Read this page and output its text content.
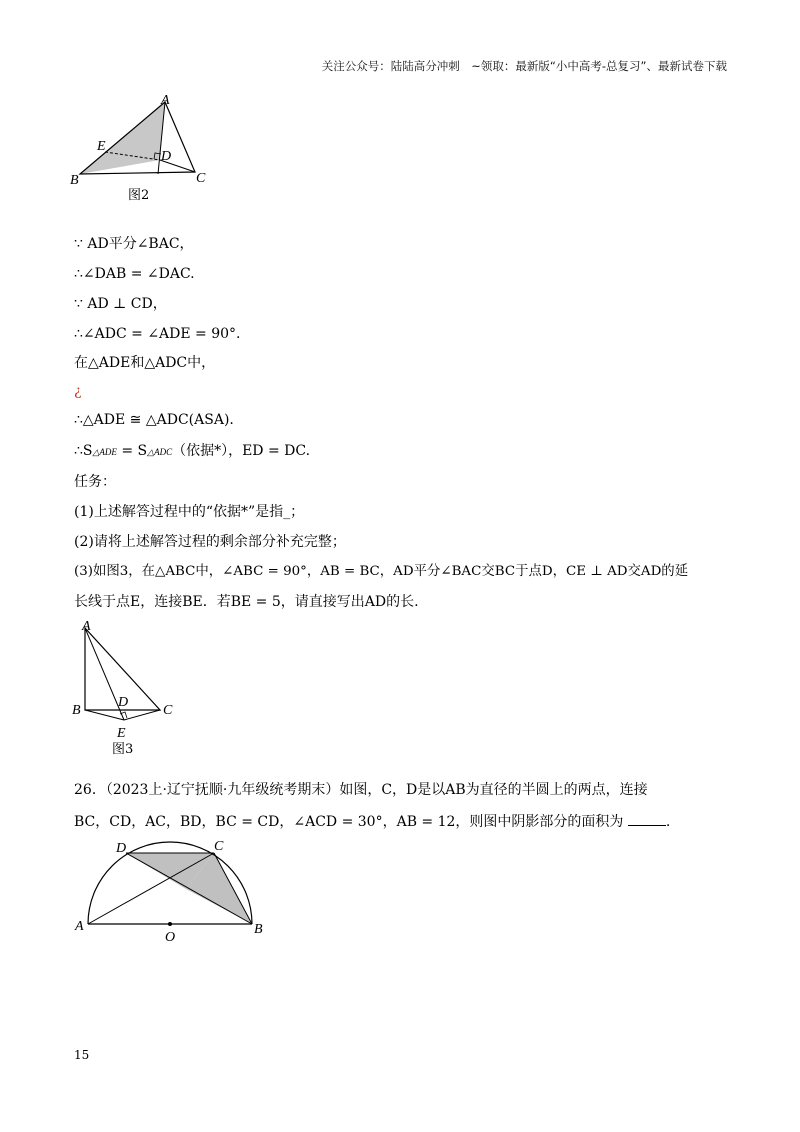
关注公众号：陆陆高分冲刺　~领取：最新版“小中高考-总复习”、最新试卷下载
A
B	C
D
E
图2
∵ AD平分∠BAC，
∴∠DAB = ∠DAC.
∵ AD ⊥ CD，
∴∠ADC = ∠ADE = 90°.
在△ADE和△ADC中，
¿
∴△ADE ≅ △ADC(ASA).
∴S△ADE = S△ADC（依据*），ED = DC.
任务：
(1)上述解答过程中的“依据*”是指_；
(2)请将上述解答过程的剩余部分补充完整；
(3)如图3，在△ABC中，∠ABC = 90°，AB = BC，AD平分∠BAC交BC于点D，CE ⊥ AD交AD的延
长线于点E，连接BE．若BE = 5，请直接写出AD的长.
A
B	C
D
E
图3
26．（2023上·辽宁抚顺·九年级统考期末）如图，C，D是以AB为直径的半圆上的两点，连接
BC，CD，AC，BD，BC = CD，∠ACD = 30°，AB = 12，则图中阴影部分的面积为	.
D	C
A	B
O
15
